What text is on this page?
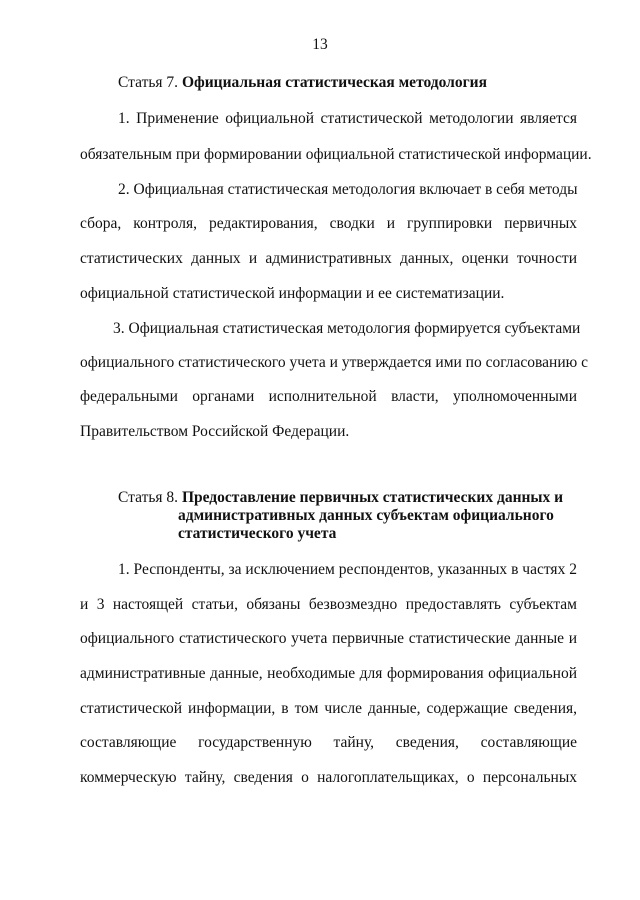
13
Статья 7. Официальная статистическая методология
1. Применение официальной статистической методологии является
обязательным при формировании официальной статистической информации.
2. Официальная статистическая методология включает в себя методы
сбора, контроля, редактирования, сводки и группировки первичных
статистических данных и административных данных, оценки точности
официальной статистической информации и ее систематизации.
3. Официальная статистическая методология формируется субъектами
официального статистического учета и утверждается ими по согласованию с
федеральными органами исполнительной власти, уполномоченными
Правительством Российской Федерации.
Статья 8. Предоставление первичных статистических данных и
административных данных субъектам официального
статистического учета
1. Респонденты, за исключением респондентов, указанных в частях 2
и 3 настоящей статьи, обязаны безвозмездно предоставлять субъектам
официального статистического учета первичные статистические данные и
административные данные, необходимые для формирования официальной
статистической информации, в том числе данные, содержащие сведения,
составляющие государственную тайну, сведения, составляющие
коммерческую тайну, сведения о налогоплательщиках, о персональных
